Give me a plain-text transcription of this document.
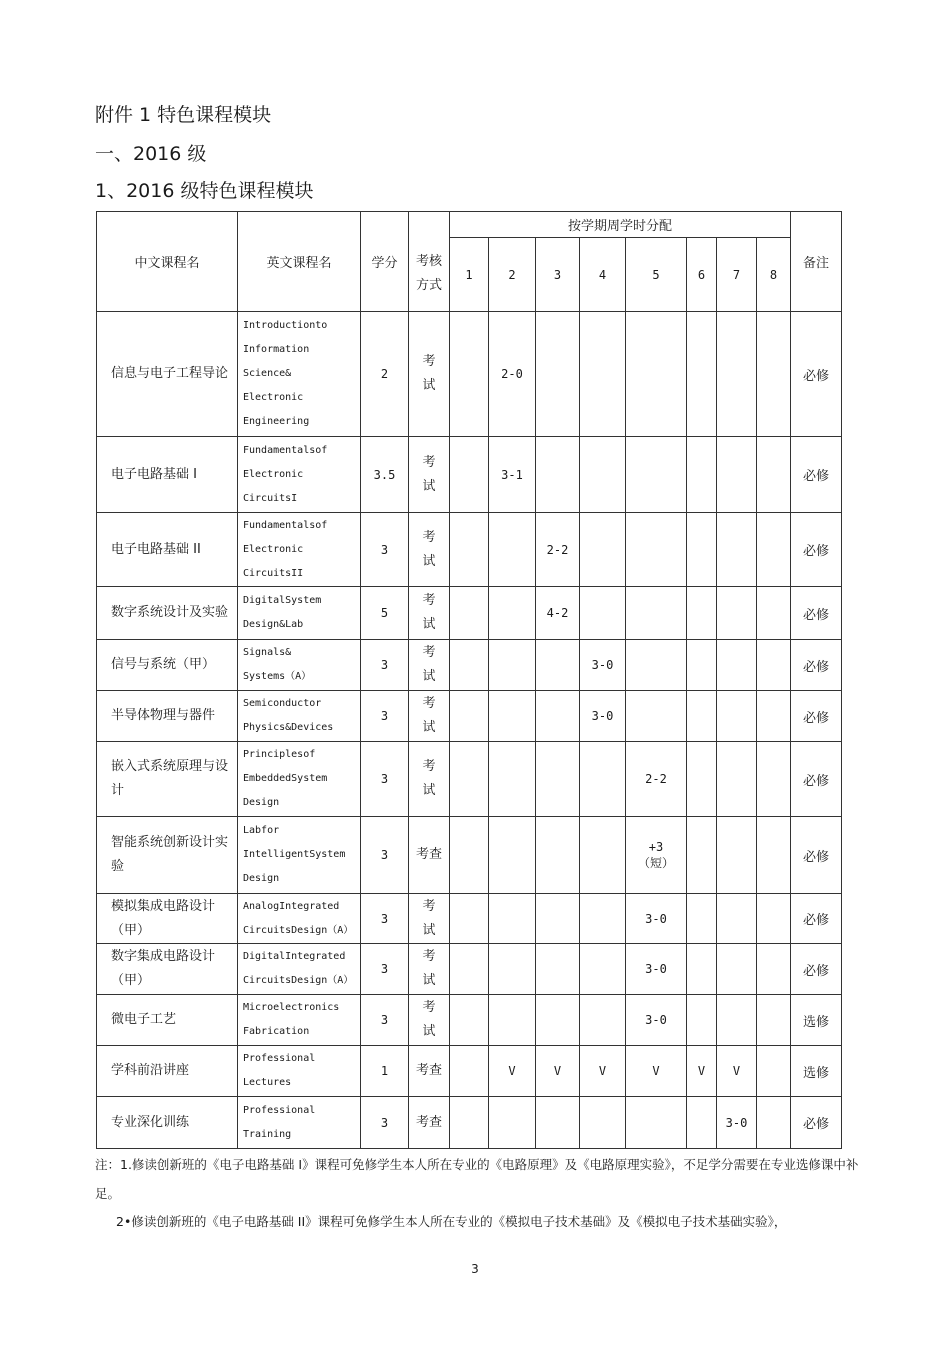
附件 1 特色课程模块
一、2016 级
1、2016 级特色课程模块
中文课程名	英文课程名	学分	考核方式	按学期周学时分配								备注
				1	2	3	4	5	6	7	8	
信息与电子工程导论	Introductionto
Information
Science&
Electronic
Engineering	2	考试		2-0							必修
电子电路基础 I	Fundamentalsof
Electronic
CircuitsI	3.5	考试		3-1							必修
电子电路基础 II	Fundamentalsof
Electronic
CircuitsII	3	考试			2-2						必修
数字系统设计及实验	DigitalSystem
Design&Lab	5	考试			4-2						必修
信号与系统（甲）	Signals&
Systems（A）	3	考试				3-0					必修
半导体物理与器件	Semiconductor
Physics&Devices	3	考试				3-0					必修
嵌入式系统原理与设计	Principlesof
EmbeddedSystem
Design	3	考试					2-2				必修
智能系统创新设计实验	Labfor
IntelligentSystem
Design	3	考查					+3
（短）				必修
模拟集成电路设计（甲）	AnalogIntegrated
CircuitsDesign（A）	3	考试					3-0				必修
数字集成电路设计（甲）	DigitalIntegrated
CircuitsDesign（A）	3	考试					3-0				必修
微电子工艺	Microelectronics
Fabrication	3	考试					3-0				选修
学科前沿讲座	Professional
Lectures	1	考查		V	V	V	V	V	V		选修
专业深化训练	Professional
Training	3	考查							3-0		必修
注：1.修读创新班的《电子电路基础 I》课程可免修学生本人所在专业的《电路原理》及《电路原理实验》，不足学分需要在专业选修课中补足。
2•修读创新班的《电子电路基础 II》课程可免修学生本人所在专业的《模拟电子技术基础》及《模拟电子技术基础实验》，
3
